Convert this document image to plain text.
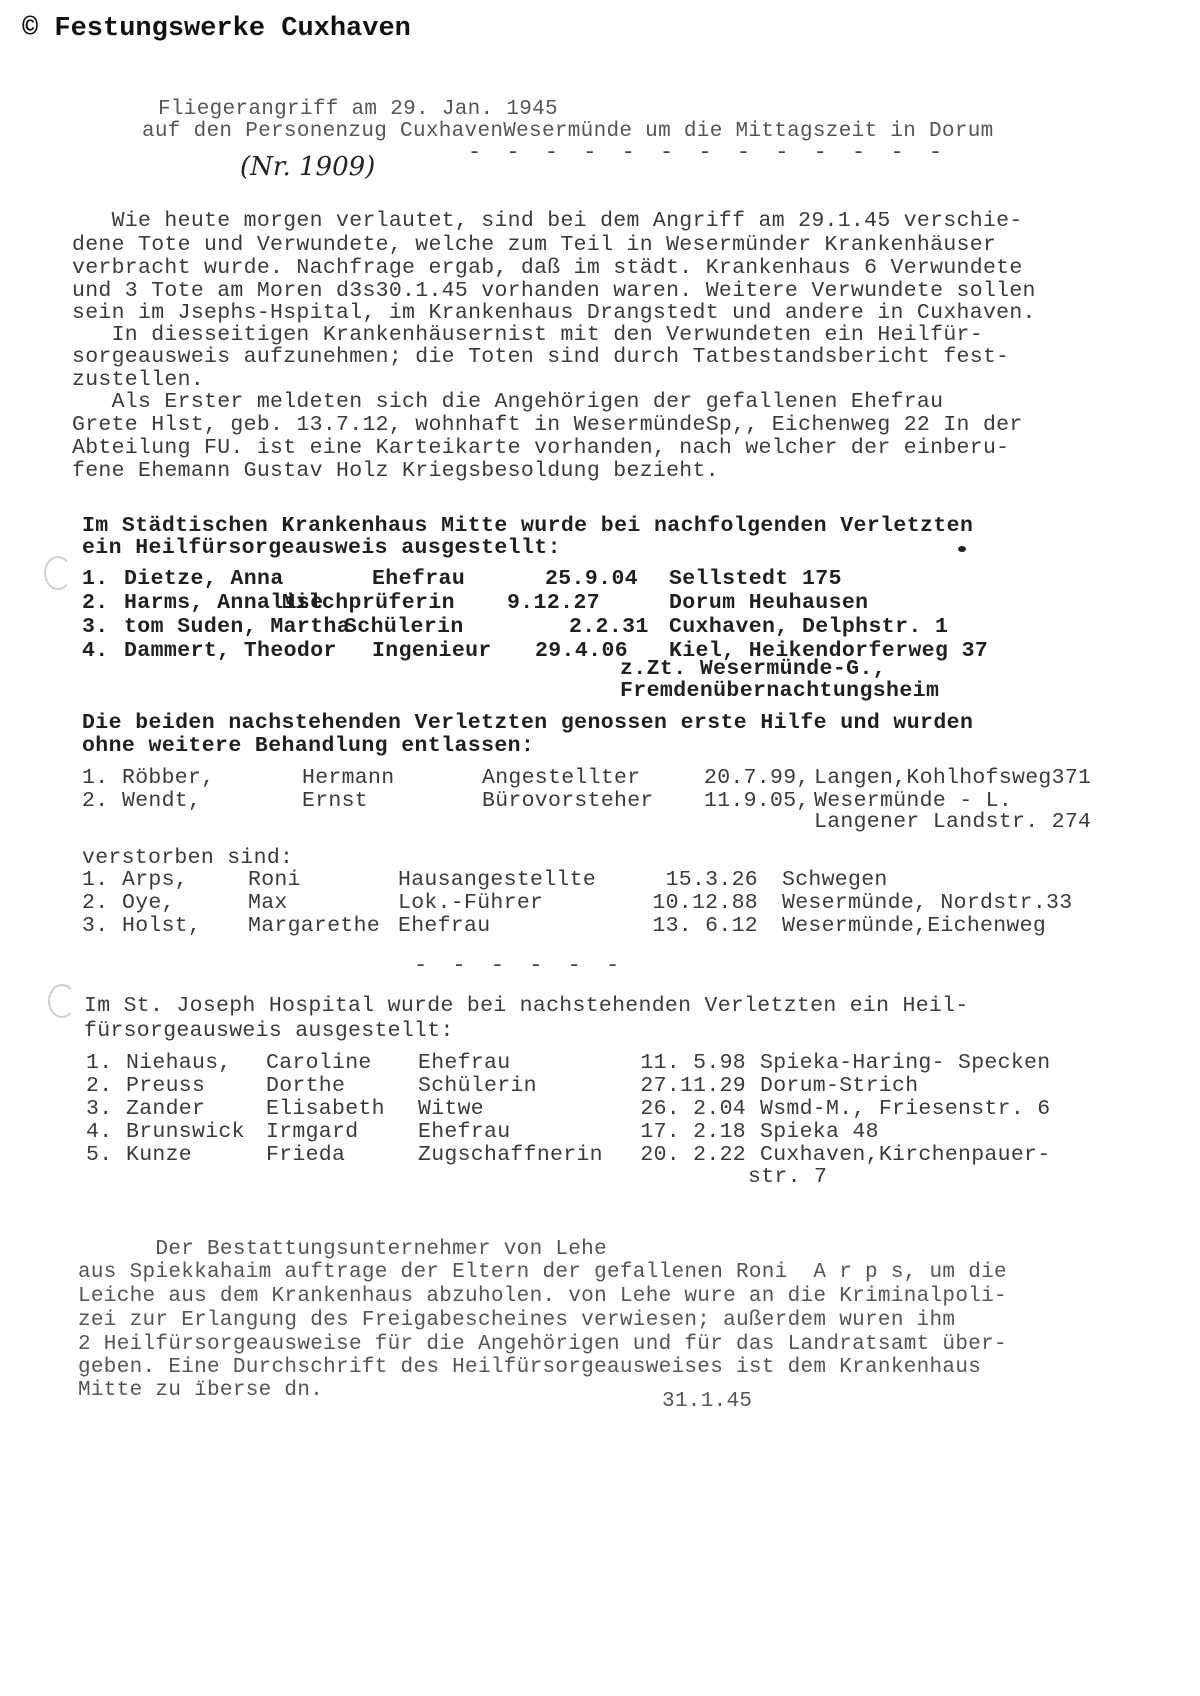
© Festungswerke Cuxhaven
Fliegerangriff am 29. Jan. 1945
auf den Personenzug CuxhavenWesermünde um die Mittagszeit in Dorum
(Nr. 1909)	- - - - - - - - - - - - -
Wie heute morgen verlautet, sind bei dem Angriff am 29.1.45 verschie-
dene Tote und Verwundete, welche zum Teil in Wesermünder Krankenhäuser
verbracht wurde. Nachfrage ergab, daß im städt. Krankenhaus 6 Verwundete
und 3 Tote am Moren d3s30.1.45 vorhanden waren. Weitere Verwundete sollen
sein im Jsephs-Hspital, im Krankenhaus Drangstedt und andere in Cuxhaven.
In diesseitigen Krankenhäusernist mit den Verwundeten ein Heilfür-
sorgeausweis aufzunehmen; die Toten sind durch Tatbestandsbericht fest-
zustellen.
Als Erster meldeten sich die Angehörigen der gefallenen Ehefrau
Grete Hlst, geb. 13.7.12, wohnhaft in WesermündeSp,, Eichenweg 22 In der
Abteilung FU. ist eine Karteikarte vorhanden, nach welcher der einberu-
fene Ehemann Gustav Holz Kriegsbesoldung bezieht.
Im Städtischen Krankenhaus Mitte wurde bei nachfolgenden Verletzten
ein Heilfürsorgeausweis ausgestellt:
1.	Dietze, Anna	Ehefrau	25.9.04	Sellstedt 175
2.	Harms, Annalise	Milchprüferin	9.12.27	Dorum Heuhausen
3.	tom Suden, Martha	Schülerin	2.2.31	Cuxhaven, Delphstr. 1
4.	Dammert, Theodor	Ingenieur	29.4.06	Kiel, Heikendorferweg 37
z.Zt. Wesermünde-G.,
Fremdenübernachtungsheim
Die beiden nachstehenden Verletzten genossen erste Hilfe und wurden
ohne weitere Behandlung entlassen:
1.	Röbber,	Hermann	Angestellter	20.7.99,	Langen,Kohlhofsweg371
2.	Wendt,	Ernst	Bürovorsteher	11.9.05,	Wesermünde - L.
Langener Landstr. 274
verstorben sind:
1.	Arps,	Roni	Hausangestellte	15.3.26	Schwegen
2.	Oye,	Max	Lok.-Führer	10.12.88	Wesermünde, Nordstr.33
3.	Holst,	Margarethe	Ehefrau	13. 6.12	Wesermünde,Eichenweg
- - - - - -
Im St. Joseph Hospital wurde bei nachstehenden Verletzten ein Heil-
fürsorgeausweis ausgestellt:
1.	Niehaus,	Caroline	Ehefrau	11. 5.98	Spieka-Haring- Specken
2.	Preuss	Dorthe	Schülerin	27.11.29	Dorum-Strich
3.	Zander	Elisabeth	Witwe	26. 2.04	Wsmd-M., Friesenstr. 6
4.	Brunswick	Irmgard	Ehefrau	17. 2.18	Spieka 48
5.	Kunze	Frieda	Zugschaffnerin	20. 2.22	Cuxhaven,Kirchenpauer-
str. 7
Der Bestattungsunternehmer von Lehe
aus Spiekkahaim auftrage der Eltern der gefallenen Roni  A r p s, um die
Leiche aus dem Krankenhaus abzuholen. von Lehe wure an die Kriminalpoli-
zei zur Erlangung des Freigabescheines verwiesen; außerdem wuren ihm
2 Heilfürsorgeausweise für die Angehörigen und für das Landratsamt über-
geben. Eine Durchschrift des Heilfürsorgeausweises ist dem Krankenhaus
Mitte zu ïberse dn.	31.1.45
